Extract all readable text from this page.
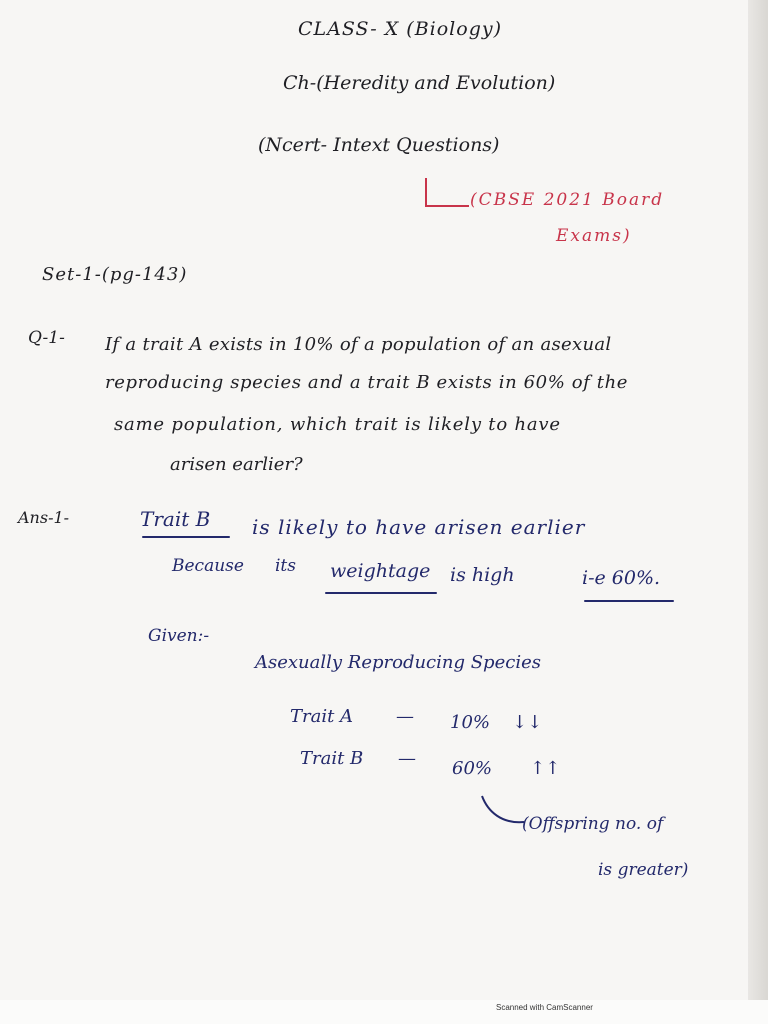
CLASS- X (Biology)
Ch-(Heredity and Evolution)
(Ncert- Intext Questions)
(CBSE 2021 Board
Exams)
Set-1-(pg-143)
Q-1- If a trait A exists in 10% of a population of an asexual
reproducing species and a trait B exists in 60% of the
same population, which trait is likely to have
arisen earlier?
Ans-1-	Trait B is likely to have arisen earlier
Because its weightage is high	i-e 60%.
Given:-
Asexually Reproducing Species
Trait A — 10% ↓↓
Trait B — 60% ↑↑
(Offspring no. of
is greater)
Scanned with CamScanner
